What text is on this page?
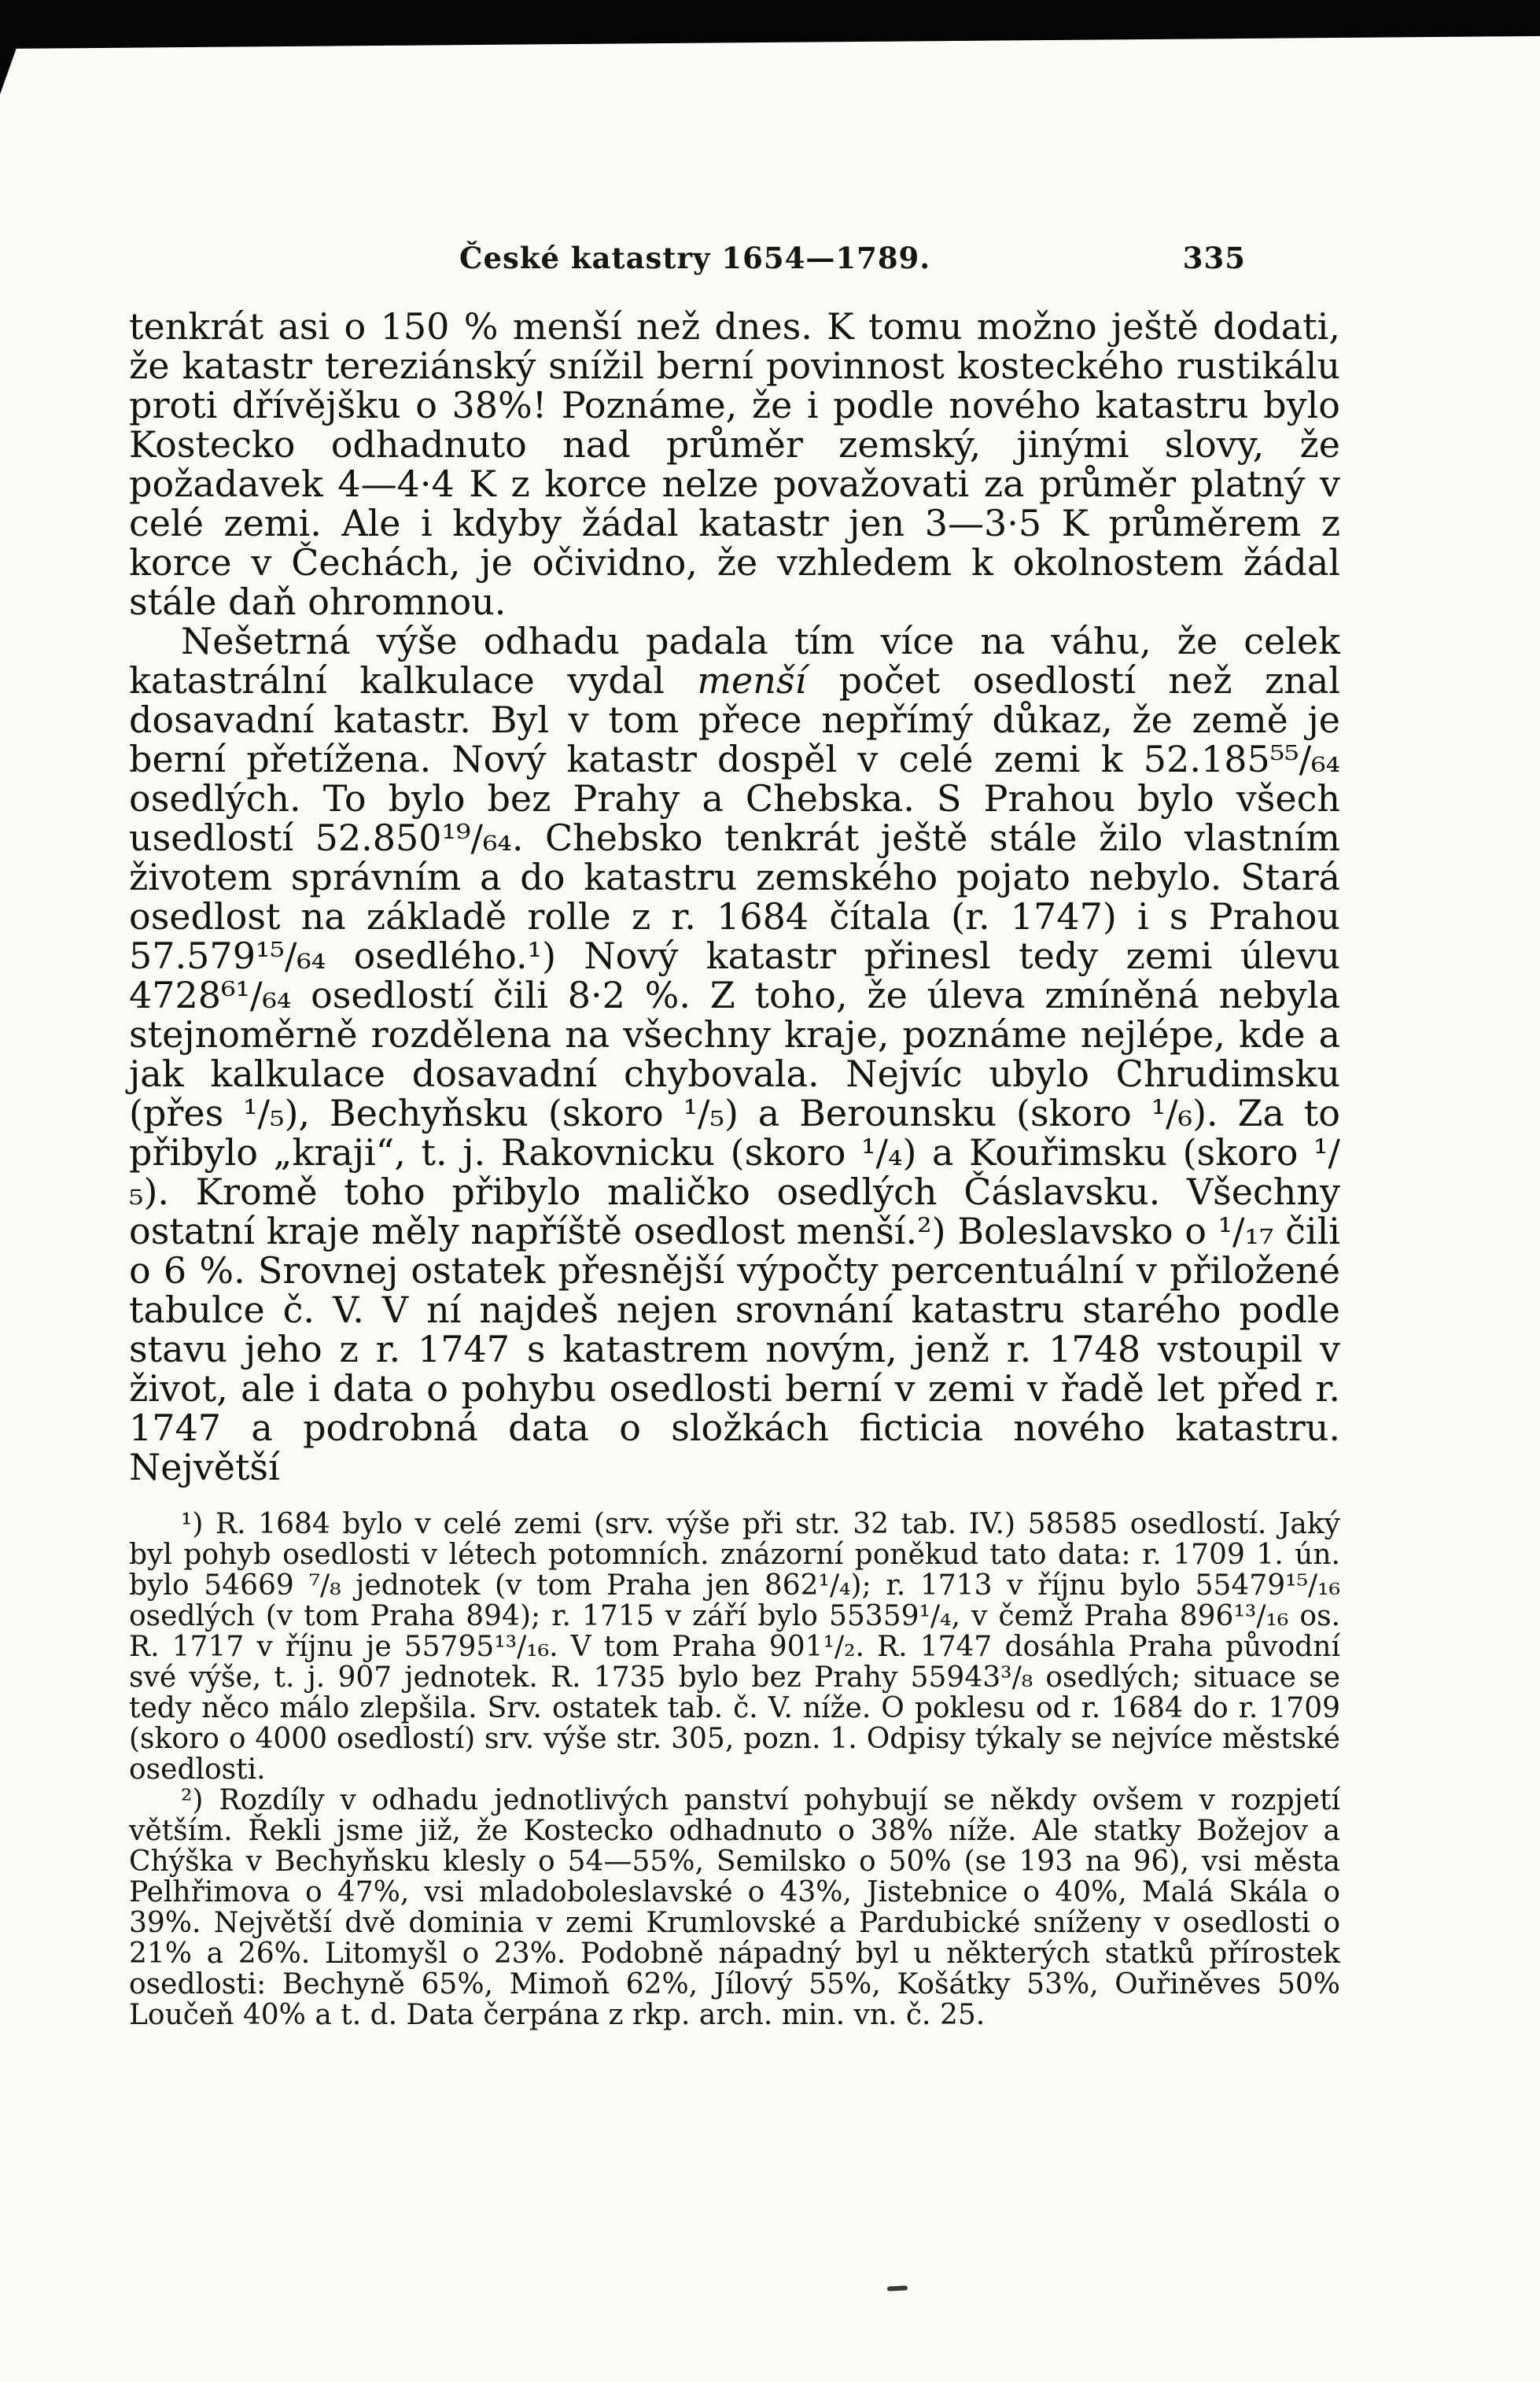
České katastry 1654—1789.	335

tenkrát asi o 150 % menší než dnes. K tomu možno ještě dodati, že katastr tereziánský snížil berní povinnost kosteckého rustikálu proti dřívějšku o 38%! Poznáme, že i podle nového katastru bylo Kostecko odhadnuto nad průměr zemský, jinými slovy, že požadavek 4—4·4 K z korce nelze považovati za průměr platný v celé zemi. Ale i kdyby žádal katastr jen 3—3·5 K průměrem z korce v Čechách, je očividno, že vzhledem k okolnostem žádal stále daň ohromnou.

Nešetrná výše odhadu padala tím více na váhu, že celek katastrální kalkulace vydal menší počet osedlostí než znal dosavadní katastr. Byl v tom přece nepřímý důkaz, že země je berní přetížena. Nový katastr dospěl v celé zemi k 52.185⁵⁵/₆₄ osedlých. To bylo bez Prahy a Chebska. S Prahou bylo všech usedlostí 52.850¹⁹/₆₄. Chebsko tenkrát ještě stále žilo vlastním životem správním a do katastru zemského pojato nebylo. Stará osedlost na základě rolle z r. 1684 čítala (r. 1747) i s Prahou 57.579¹⁵/₆₄ osedlého.¹) Nový katastr přinesl tedy zemi úlevu 4728⁶¹/₆₄ osedlostí čili 8·2 %. Z toho, že úleva zmíněná nebyla stejnoměrně rozdělena na všechny kraje, poznáme nejlépe, kde a jak kalkulace dosavadní chybovala. Nejvíc ubylo Chrudimsku (přes ¹/₅), Bechyňsku (skoro ¹/₅) a Berounsku (skoro ¹/₆). Za to přibylo „kraji“, t. j. Rakovnicku (skoro ¹/₄) a Kouřimsku (skoro ¹/₅). Kromě toho přibylo maličko osedlých Čáslavsku. Všechny ostatní kraje měly napříště osedlost menší.²) Boleslavsko o ¹/₁₇ čili o 6 %. Srovnej ostatek přesnější výpočty percentuální v přiložené tabulce č. V. V ní najdeš nejen srovnání katastru starého podle stavu jeho z r. 1747 s katastrem novým, jenž r. 1748 vstoupil v život, ale i data o pohybu osedlosti berní v zemi v řadě let před r. 1747 a podrobná data o složkách ficticia nového katastru. Největší

¹) R. 1684 bylo v celé zemi (srv. výše při str. 32 tab. IV.) 58585 osedlostí. Jaký byl pohyb osedlosti v létech potomních. znázorní poněkud tato data: r. 1709 1. ún. bylo 54669 ⁷/₈ jednotek (v tom Praha jen 862¹/₄); r. 1713 v říjnu bylo 55479¹⁵/₁₆ osedlých (v tom Praha 894); r. 1715 v září bylo 55359¹/₄, v čemž Praha 896¹³/₁₆ os. R. 1717 v říjnu je 55795¹³/₁₆. V tom Praha 901¹/₂. R. 1747 dosáhla Praha původní své výše, t. j. 907 jednotek. R. 1735 bylo bez Prahy 55943³/₈ osedlých; situace se tedy něco málo zlepšila. Srv. ostatek tab. č. V. níže. O poklesu od r. 1684 do r. 1709 (skoro o 4000 osedlostí) srv. výše str. 305, pozn. 1. Odpisy týkaly se nejvíce městské osedlosti.

²) Rozdíly v odhadu jednotlivých panství pohybují se někdy ovšem v rozpjetí větším. Řekli jsme již, že Kostecko odhadnuto o 38% níže. Ale statky Božejov a Chýška v Bechyňsku klesly o 54—55%, Semilsko o 50% (se 193 na 96), vsi města Pelhřimova o 47%, vsi mladoboleslavské o 43%, Jistebnice o 40%, Malá Skála o 39%. Největší dvě dominia v zemi Krumlovské a Pardubické sníženy v osedlosti o 21% a 26%. Litomyšl o 23%. Podobně nápadný byl u některých statků přírostek osedlosti: Bechyně 65%, Mimoň 62%, Jílový 55%, Košátky 53%, Ouřiněves 50% Loučeň 40% a t. d. Data čerpána z rkp. arch. min. vn. č. 25.
